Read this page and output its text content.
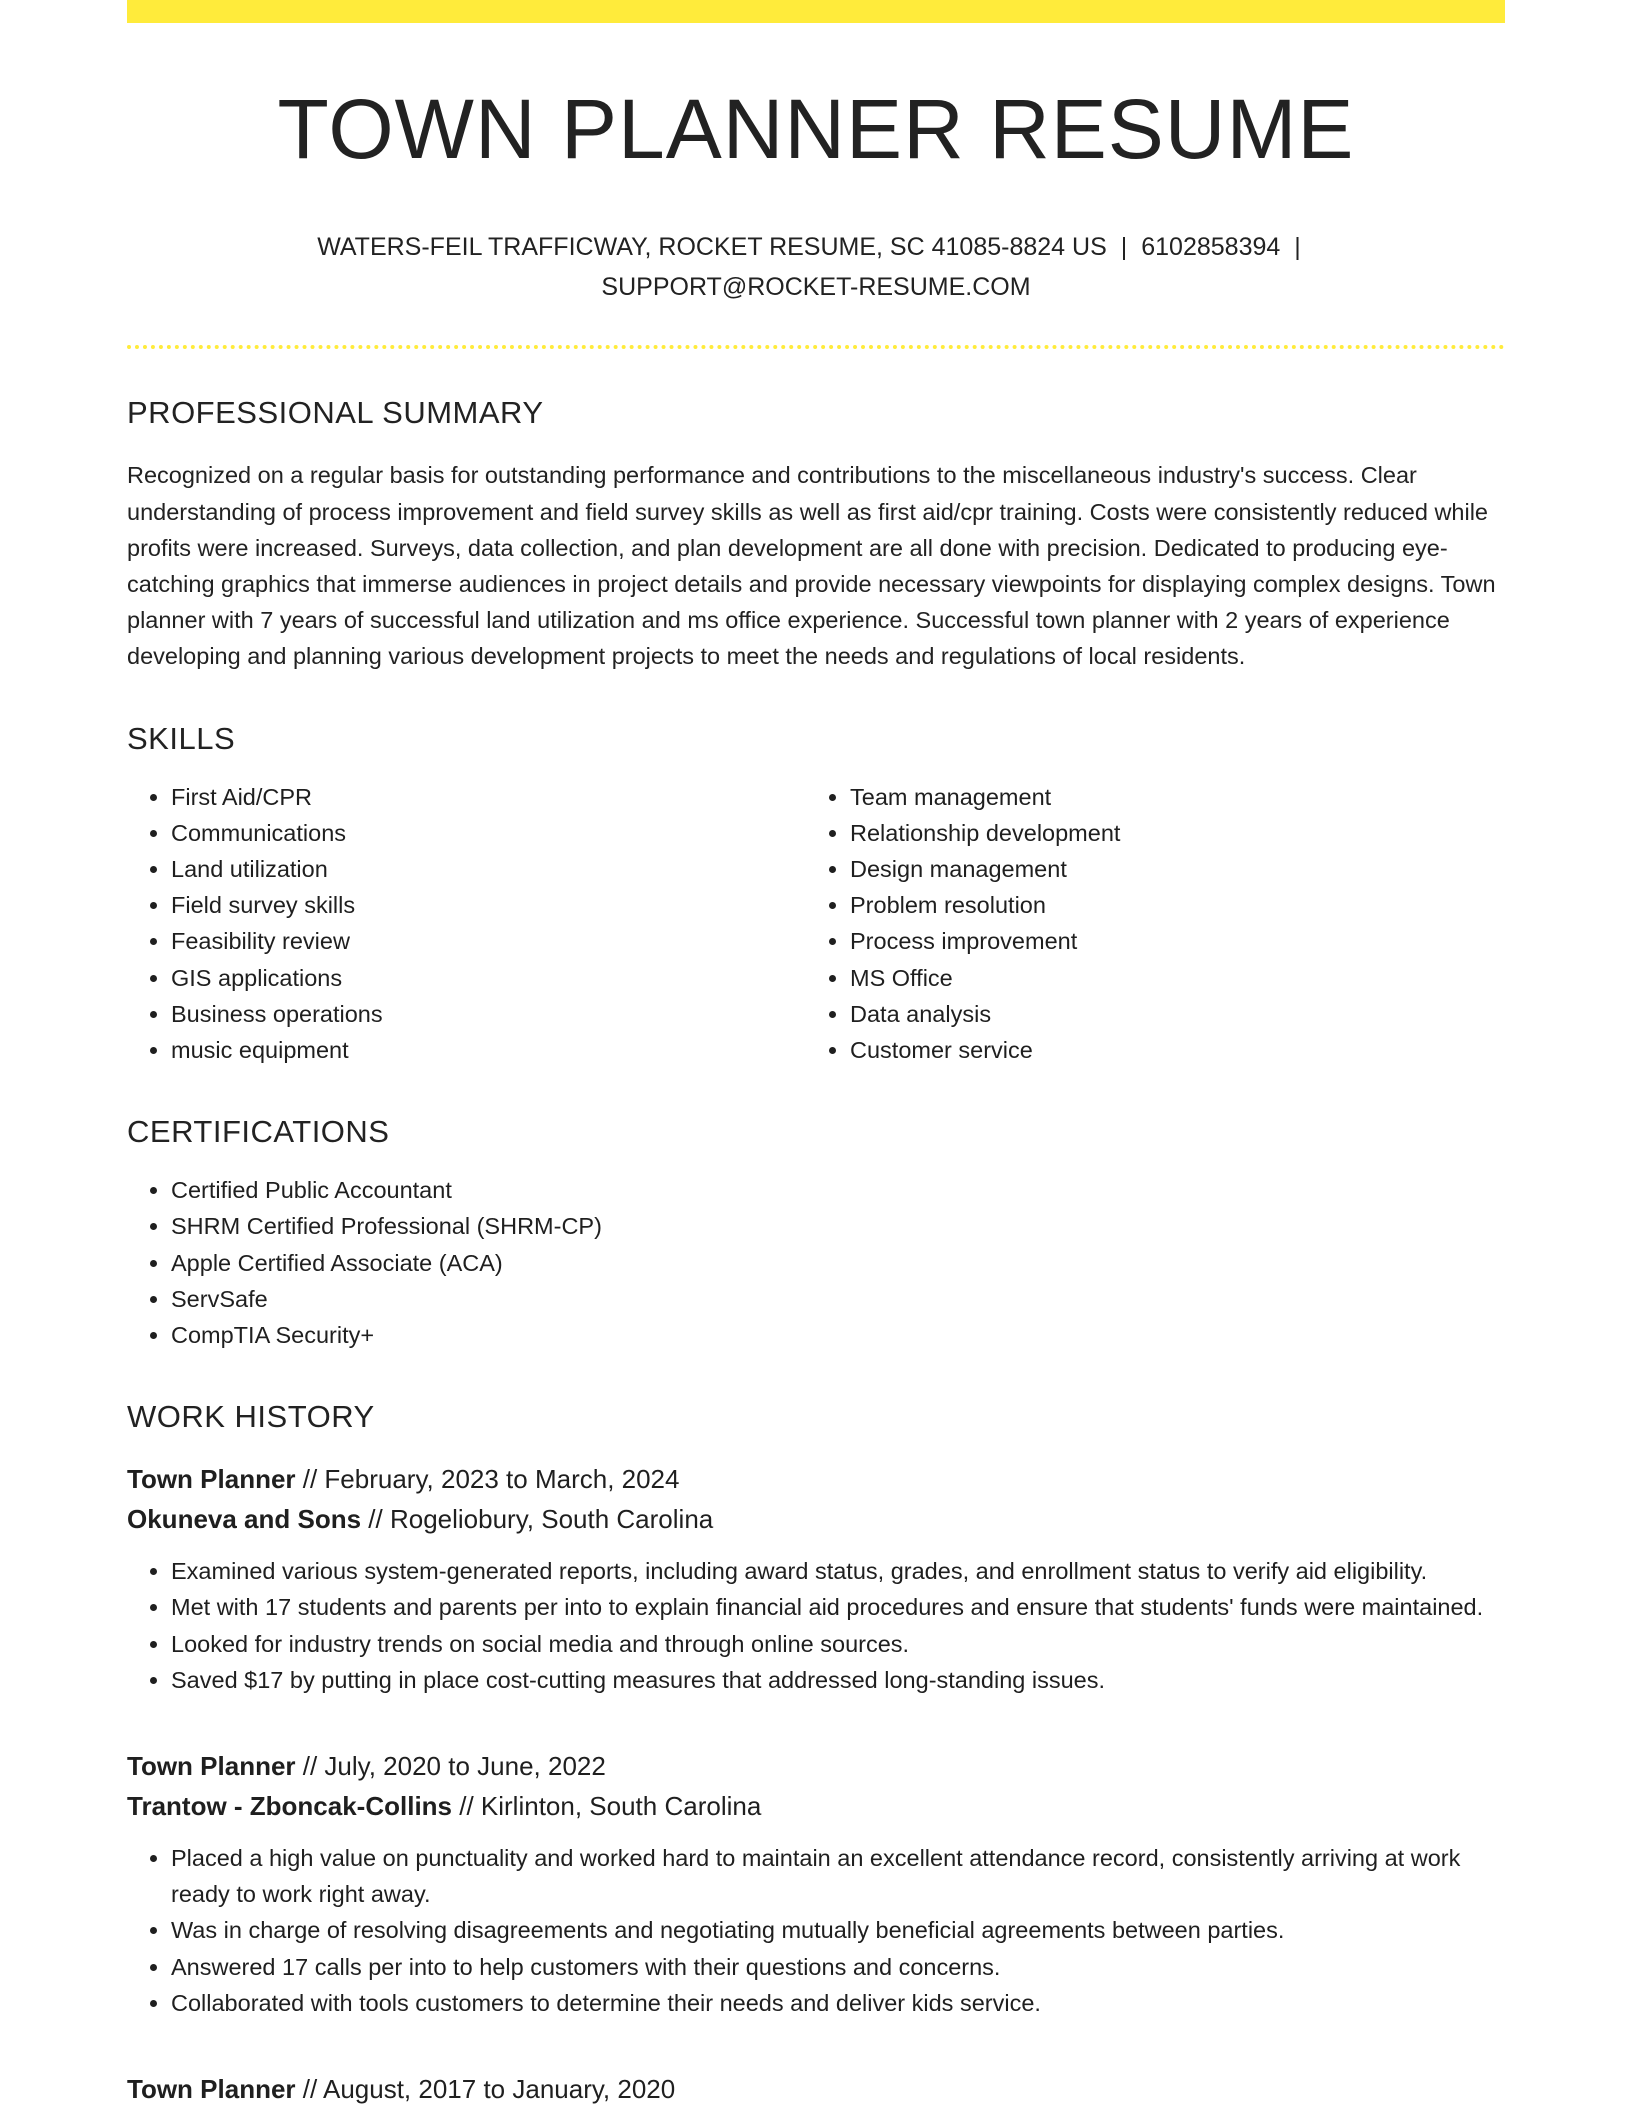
TOWN PLANNER RESUME
WATERS-FEIL TRAFFICWAY, ROCKET RESUME, SC 41085-8824 US | 6102858394 |
SUPPORT@ROCKET-RESUME.COM
PROFESSIONAL SUMMARY
Recognized on a regular basis for outstanding performance and contributions to the miscellaneous industry's success. Clear understanding of process improvement and field survey skills as well as first aid/cpr training. Costs were consistently reduced while profits were increased. Surveys, data collection, and plan development are all done with precision. Dedicated to producing eye-catching graphics that immerse audiences in project details and provide necessary viewpoints for displaying complex designs. Town planner with 7 years of successful land utilization and ms office experience. Successful town planner with 2 years of experience developing and planning various development projects to meet the needs and regulations of local residents.
SKILLS
• First Aid/CPR
• Communications
• Land utilization
• Field survey skills
• Feasibility review
• GIS applications
• Business operations
• music equipment
• Team management
• Relationship development
• Design management
• Problem resolution
• Process improvement
• MS Office
• Data analysis
• Customer service
CERTIFICATIONS
• Certified Public Accountant
• SHRM Certified Professional (SHRM-CP)
• Apple Certified Associate (ACA)
• ServSafe
• CompTIA Security+
WORK HISTORY
Town Planner // February, 2023 to March, 2024
Okuneva and Sons // Rogeliobury, South Carolina
• Examined various system-generated reports, including award status, grades, and enrollment status to verify aid eligibility.
• Met with 17 students and parents per into to explain financial aid procedures and ensure that students' funds were maintained.
• Looked for industry trends on social media and through online sources.
• Saved $17 by putting in place cost-cutting measures that addressed long-standing issues.
Town Planner // July, 2020 to June, 2022
Trantow - Zboncak-Collins // Kirlinton, South Carolina
• Placed a high value on punctuality and worked hard to maintain an excellent attendance record, consistently arriving at work ready to work right away.
• Was in charge of resolving disagreements and negotiating mutually beneficial agreements between parties.
• Answered 17 calls per into to help customers with their questions and concerns.
• Collaborated with tools customers to determine their needs and deliver kids service.
Town Planner // August, 2017 to January, 2020
